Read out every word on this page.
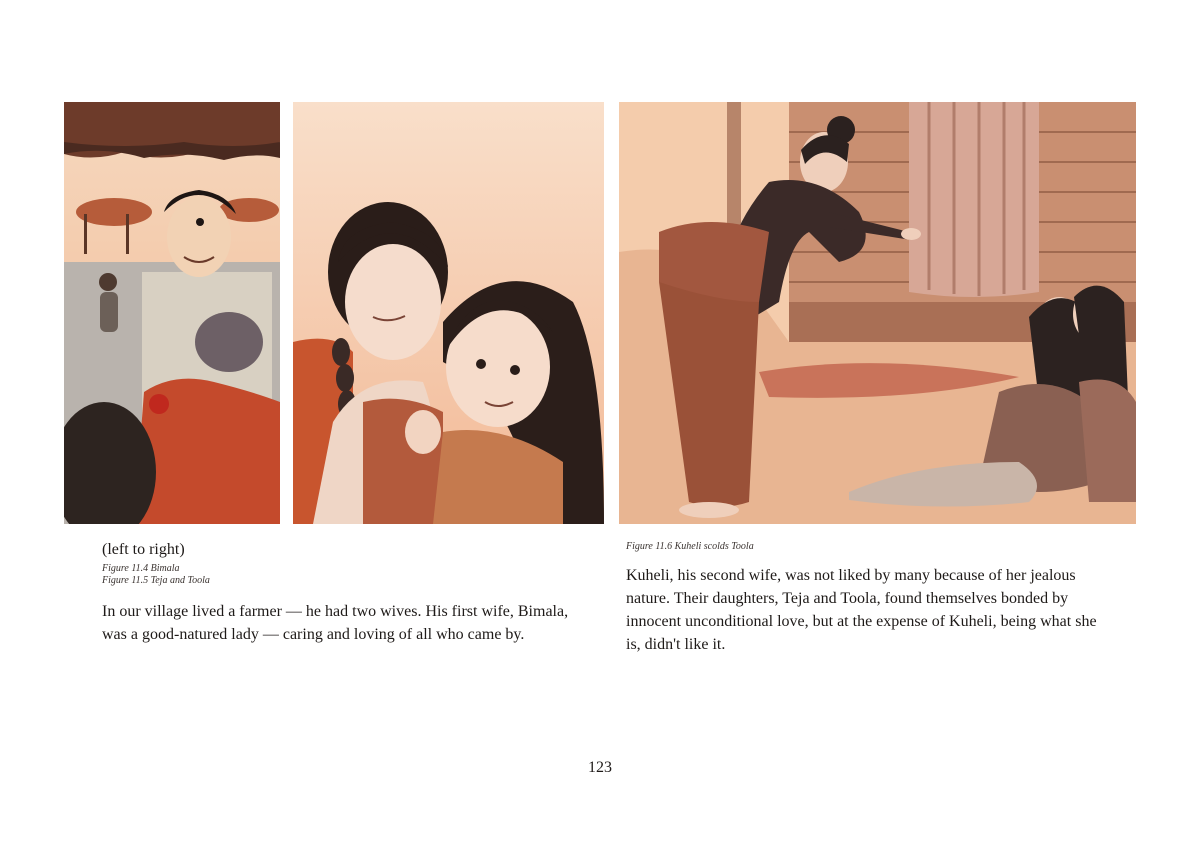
(left to right)
Figure 11.4 Bimala
Figure 11.5 Teja and Toola
Figure 11.6 Kuheli scolds Toola
In our village lived a farmer — he had two wives. His first wife, Bimala, was a good-natured lady — caring and loving of all who came by.
Kuheli, his second wife, was not liked by many because of her jealous nature. Their daughters, Teja and Toola, found themselves bonded by innocent unconditional love, but at the expense of Kuheli, being what she is, didn't like it.
123
